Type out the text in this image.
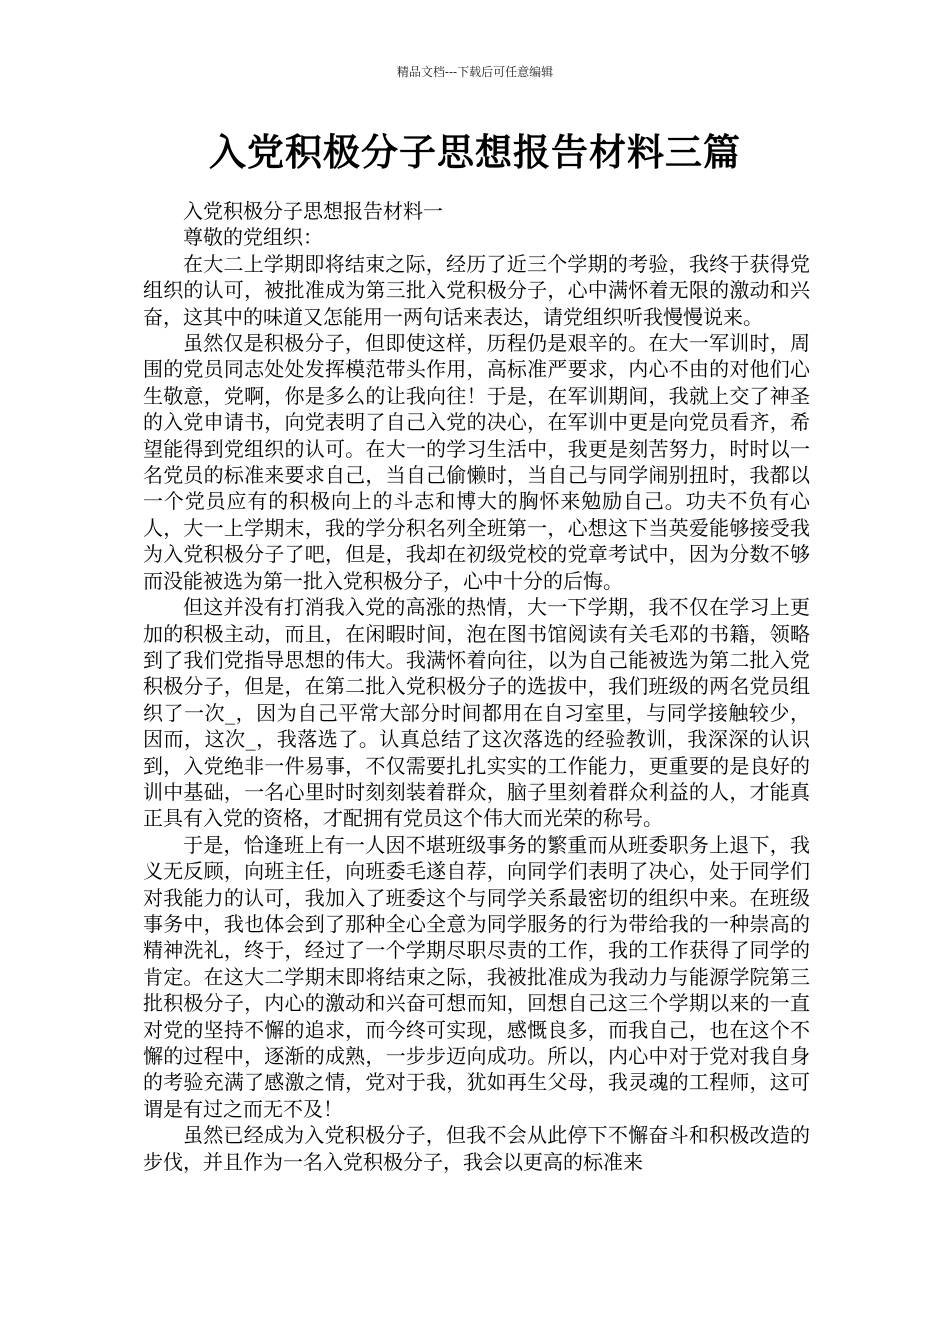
精品文档---下载后可任意编辑
入党积极分子思想报告材料三篇

入党积极分子思想报告材料一

尊敬的党组织：

在大二上学期即将结束之际，经历了近三个学期的考验，我终于获得党组织的认可，被批准成为第三批入党积极分子，心中满怀着无限的激动和兴奋，这其中的味道又怎能用一两句话来表达，请党组织听我慢慢说来。

虽然仅是积极分子，但即使这样，历程仍是艰辛的。在大一军训时，周围的党员同志处处发挥模范带头作用，高标准严要求，内心不由的对他们心生敬意，党啊，你是多么的让我向往！于是，在军训期间，我就上交了神圣的入党申请书，向党表明了自己入党的决心，在军训中更是向党员看齐，希望能得到党组织的认可。在大一的学习生活中，我更是刻苦努力，时时以一名党员的标准来要求自己，当自己偷懒时，当自己与同学闹别扭时，我都以一个党员应有的积极向上的斗志和博大的胸怀来勉励自己。功夫不负有心人，大一上学期末，我的学分积名列全班第一，心想这下当英爱能够接受我为入党积极分子了吧，但是，我却在初级党校的党章考试中，因为分数不够而没能被选为第一批入党积极分子，心中十分的后悔。

但这并没有打消我入党的高涨的热情，大一下学期，我不仅在学习上更加的积极主动，而且，在闲暇时间，泡在图书馆阅读有关毛邓的书籍，领略到了我们党指导思想的伟大。我满怀着向往，以为自己能被选为第二批入党积极分子，但是，在第二批入党积极分子的选拔中，我们班级的两名党员组织了一次_，因为自己平常大部分时间都用在自习室里，与同学接触较少，因而，这次_，我落选了。认真总结了这次落选的经验教训，我深深的认识到，入党绝非一件易事，不仅需要扎扎实实的工作能力，更重要的是良好的训中基础，一名心里时时刻刻装着群众，脑子里刻着群众利益的人，才能真正具有入党的资格，才配拥有党员这个伟大而光荣的称号。

于是，恰逢班上有一人因不堪班级事务的繁重而从班委职务上退下，我义无反顾，向班主任，向班委毛遂自荐，向同学们表明了决心，处于同学们对我能力的认可，我加入了班委这个与同学关系最密切的组织中来。在班级事务中，我也体会到了那种全心全意为同学服务的行为带给我的一种崇高的精神洗礼，终于，经过了一个学期尽职尽责的工作，我的工作获得了同学的肯定。在这大二学期末即将结束之际，我被批准成为我动力与能源学院第三批积极分子，内心的激动和兴奋可想而知，回想自己这三个学期以来的一直对党的坚持不懈的追求，而今终可实现，感慨良多，而我自己，也在这个不懈的过程中，逐渐的成熟，一步步迈向成功。所以，内心中对于党对我自身的考验充满了感激之情，党对于我，犹如再生父母，我灵魂的工程师，这可谓是有过之而无不及！

虽然已经成为入党积极分子，但我不会从此停下不懈奋斗和积极改造的步伐，并且作为一名入党积极分子，我会以更高的标准来
